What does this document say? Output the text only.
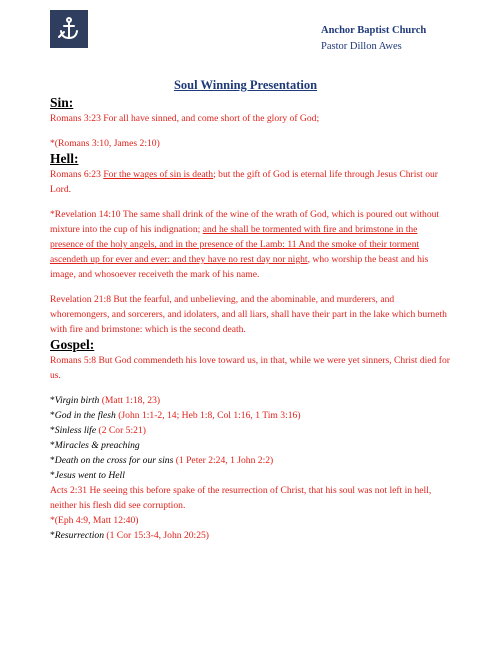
Anchor Baptist Church
Pastor Dillon Awes
Soul Winning Presentation
Sin:
Romans 3:23 For all have sinned, and come short of the glory of God;
*(Romans 3:10, James 2:10)
Hell:
Romans 6:23 For the wages of sin is death; but the gift of God is eternal life through Jesus Christ our Lord.
*Revelation 14:10 The same shall drink of the wine of the wrath of God, which is poured out without mixture into the cup of his indignation; and he shall be tormented with fire and brimstone in the presence of the holy angels, and in the presence of the Lamb: 11 And the smoke of their torment ascendeth up for ever and ever: and they have no rest day nor night, who worship the beast and his image, and whosoever receiveth the mark of his name.
Revelation 21:8 But the fearful, and unbelieving, and the abominable, and murderers, and whoremongers, and sorcerers, and idolaters, and all liars, shall have their part in the lake which burneth with fire and brimstone: which is the second death.
Gospel:
Romans 5:8 But God commendeth his love toward us, in that, while we were yet sinners, Christ died for us.
*Virgin birth (Matt 1:18, 23)
*God in the flesh (John 1:1-2, 14; Heb 1:8, Col 1:16, 1 Tim 3:16)
*Sinless life (2 Cor 5:21)
*Miracles & preaching
*Death on the cross for our sins (1 Peter 2:24, 1 John 2:2)
*Jesus went to Hell
Acts 2:31 He seeing this before spake of the resurrection of Christ, that his soul was not left in hell, neither his flesh did see corruption.
*(Eph 4:9, Matt 12:40)
*Resurrection (1 Cor 15:3-4, John 20:25)
